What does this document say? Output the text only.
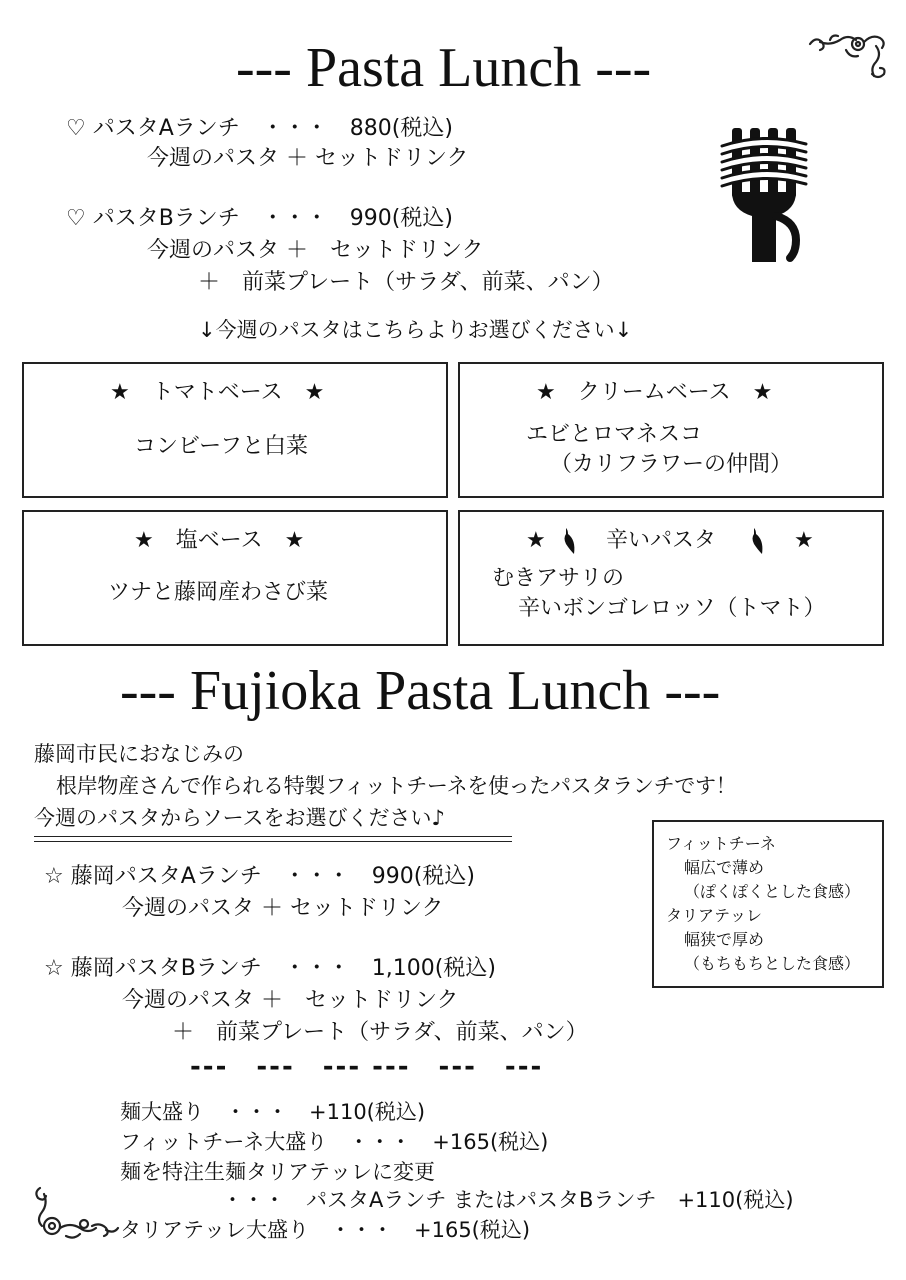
--- Pasta Lunch ---
♡ パスタAランチ　・・・　880(税込)
今週のパスタ ＋ セットドリンク
♡ パスタBランチ　・・・　990(税込)
今週のパスタ ＋　セットドリンク
＋　前菜プレート（サラダ、前菜、パン）
↓今週のパスタはこちらよりお選びください↓
★　トマトベース　★
コンビーフと白菜
★　クリームベース　★
エビとロマネスコ
（カリフラワーの仲間）
★　塩ベース　★
ツナと藤岡産わさび菜
★	辛いパスタ	★
むきアサリの
辛いボンゴレロッソ（トマト）
--- Fujioka Pasta Lunch ---
藤岡市民におなじみの
根岸物産さんで作られる特製フィットチーネを使ったパスタランチです！
今週のパスタからソースをお選びください♪
フィットチーネ
幅広で薄め
（ぽくぽくとした食感）
タリアテッレ
幅狭で厚め
（もちもちとした食感）
☆ 藤岡パスタAランチ　・・・　990(税込)
今週のパスタ ＋ セットドリンク
☆ 藤岡パスタBランチ　・・・　1,100(税込)
今週のパスタ ＋　セットドリンク
＋　前菜プレート（サラダ、前菜、パン）
---　---　--- ---　---　---
麺大盛り　・・・　+110(税込)
フィットチーネ大盛り　・・・　+165(税込)
麺を特注生麺タリアテッレに変更
・・・　パスタAランチ またはパスタBランチ　+110(税込)
タリアテッレ大盛り　・・・　+165(税込)
